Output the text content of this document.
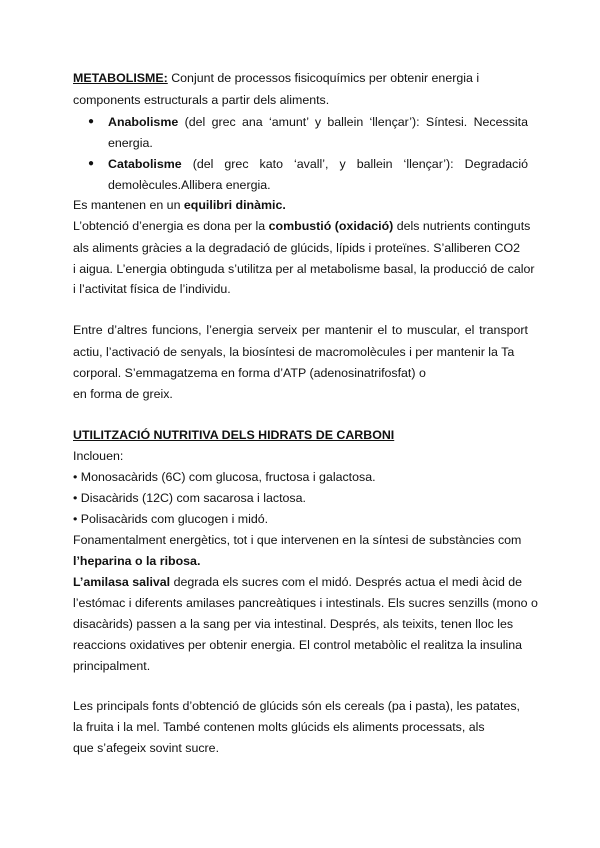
METABOLISME: Conjunt de processos fisicoquímics per obtenir energia i
components estructurals a partir dels aliments.
● Anabolisme (del grec ana ‘amunt’ y ballein ‘llençar’): Síntesi. Necessita
energia.
● Catabolisme (del grec kato ‘avall’, y ballein ‘llençar’): Degradació
demolècules.Allibera energia.
Es mantenen en un equilibri dinàmic.
L’obtenció d’energia es dona per la combustió (oxidació) dels nutrients continguts
als aliments gràcies a la degradació de glúcids, lípids i proteïnes. S’alliberen CO2
i aigua. L’energia obtinguda s’utilitza per al metabolisme basal, la producció de calor
i l’activitat física de l’individu.
Entre d’altres funcions, l’energia serveix per mantenir el to muscular, el transport
actiu, l’activació de senyals, la biosíntesi de macromolècules i per mantenir la Ta
corporal. S’emmagatzema en forma d’ATP (adenosinatrifosfat) o
en forma de greix.
UTILITZACIÓ NUTRITIVA DELS HIDRATS DE CARBONI
Inclouen:
• Monosacàrids (6C) com glucosa, fructosa i galactosa.
• Disacàrids (12C) com sacarosa i lactosa.
• Polisacàrids com glucogen i midó.
Fonamentalment energètics, tot i que intervenen en la síntesi de substàncies com
l’heparina o la ribosa.
L’amilasa salival degrada els sucres com el midó. Després actua el medi àcid de
l’estómac i diferents amilases pancreàtiques i intestinals. Els sucres senzills (mono o
disacàrids) passen a la sang per via intestinal. Després, als teixits, tenen lloc les
reaccions oxidatives per obtenir energia. El control metabòlic el realitza la insulina
principalment.
Les principals fonts d’obtenció de glúcids són els cereals (pa i pasta), les patates,
la fruita i la mel. També contenen molts glúcids els aliments processats, als
que s’afegeix sovint sucre.
